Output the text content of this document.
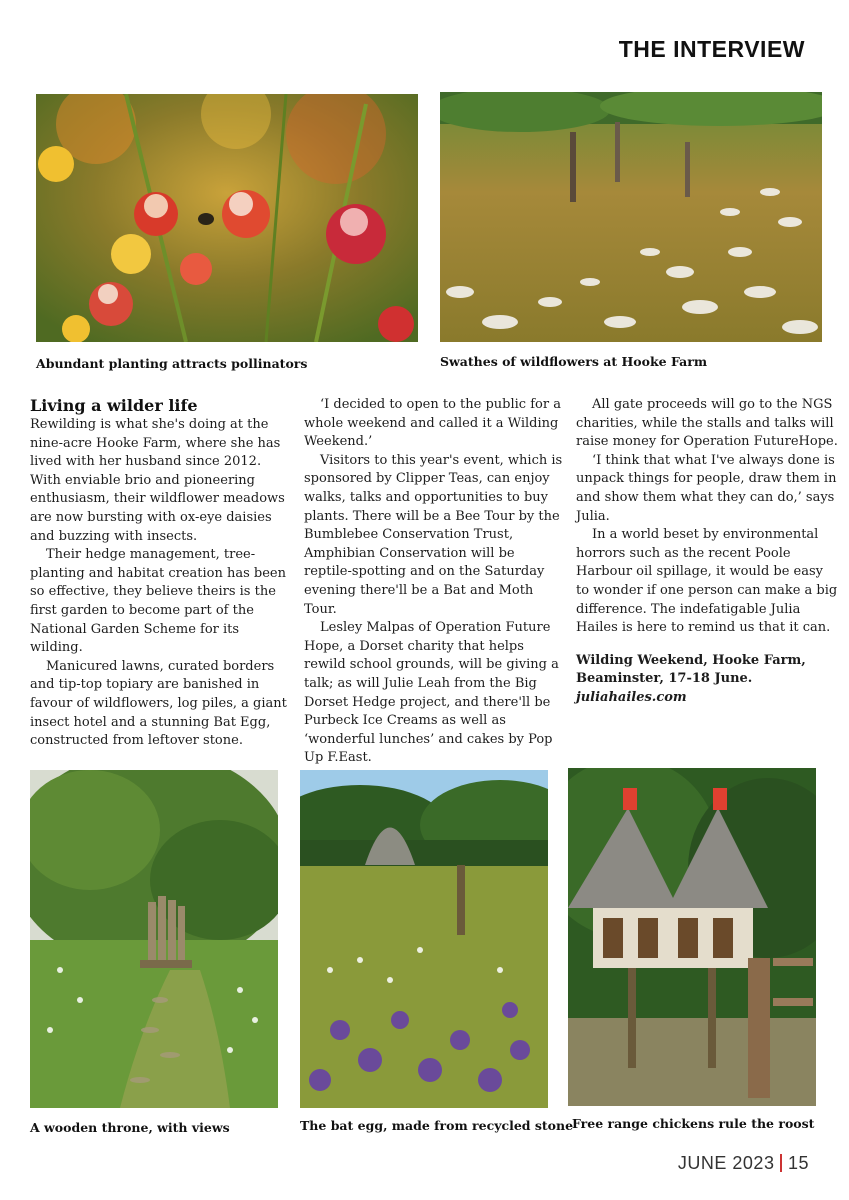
THE INTERVIEW
Abundant planting attracts pollinators	Swathes of wildflowers at Hooke Farm
Living a wilder life

Rewilding is what she's doing at the nine-acre Hooke Farm, where she has lived with her husband since 2012. With enviable brio and pioneering enthusiasm, their wildflower meadows are now bursting with ox-eye daisies and buzzing with insects.

Their hedge management, tree-planting and habitat creation has been so effective, they believe theirs is the first garden to become part of the National Garden Scheme for its wilding.

Manicured lawns, curated borders and tip-top topiary are banished in favour of wildflowers, log piles, a giant insect hotel and a stunning Bat Egg, constructed from leftover stone.

‘I decided to open to the public for a whole weekend and called it a Wilding Weekend.’

Visitors to this year's event, which is sponsored by Clipper Teas, can enjoy walks, talks and opportunities to buy plants. There will be a Bee Tour by the Bumblebee Conservation Trust, Amphibian Conservation will be reptile-spotting and on the Saturday evening there'll be a Bat and Moth Tour.

Lesley Malpas of Operation Future Hope, a Dorset charity that helps rewild school grounds, will be giving a talk; as will Julie Leah from the Big Dorset Hedge project, and there'll be Purbeck Ice Creams as well as ‘wonderful lunches’ and cakes by Pop Up F.East.

All gate proceeds will go to the NGS charities, while the stalls and talks will raise money for Operation FutureHope.

‘I think that what I've always done is unpack things for people, draw them in and show them what they can do,’ says Julia.

In a world beset by environmental horrors such as the recent Poole Harbour oil spillage, it would be easy to wonder if one person can make a big difference. The indefatigable Julia Hailes is here to remind us that it can.

Wilding Weekend, Hooke Farm,
Beaminster, 17-18 June.
juliahailes.com

A wooden throne, with views	The bat egg, made from recycled stone
Free range chickens rule the roost
JUNE 2023 15
